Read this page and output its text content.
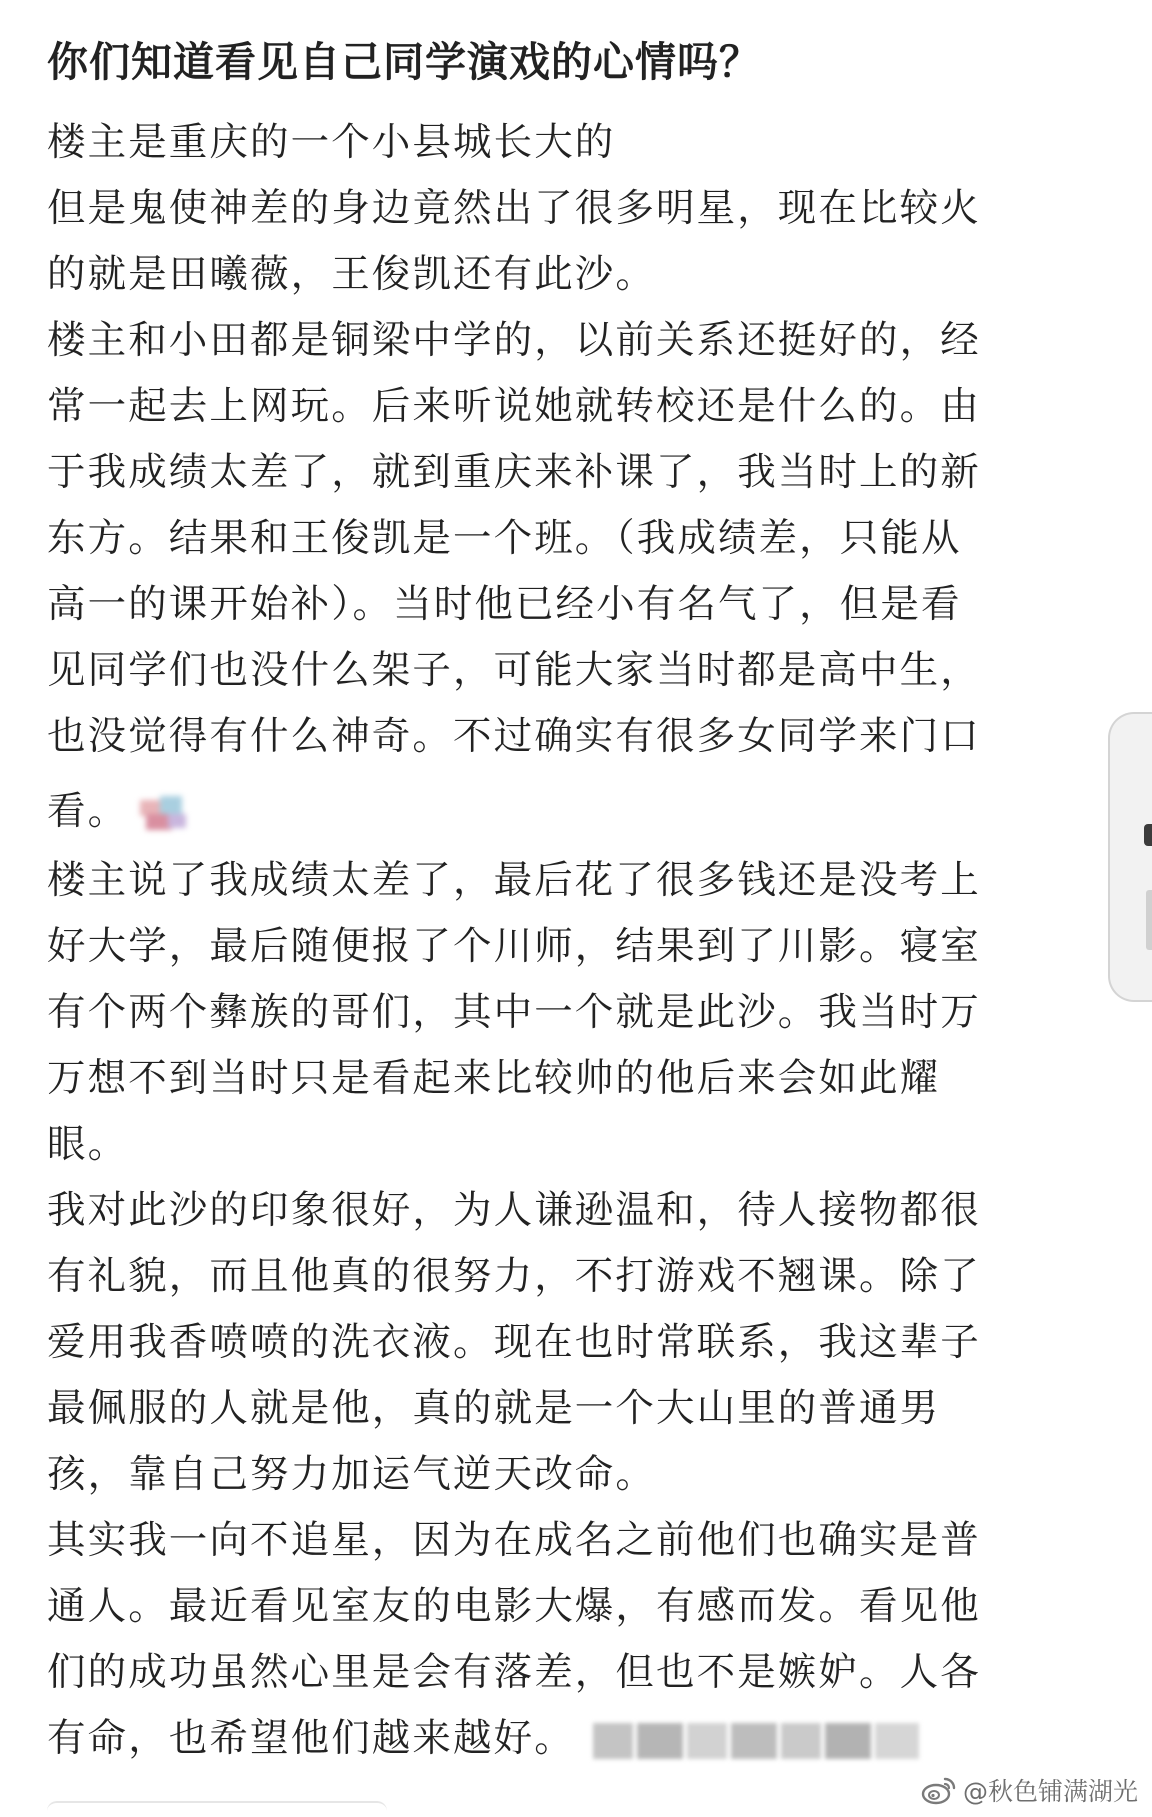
你们知道看见自己同学演戏的心情吗？
楼主是重庆的一个小县城长大的
但是鬼使神差的身边竟然出了很多明星，现在比较火
的就是田曦薇，王俊凯还有此沙。
楼主和小田都是铜梁中学的，以前关系还挺好的，经
常一起去上网玩。后来听说她就转校还是什么的。由
于我成绩太差了，就到重庆来补课了，我当时上的新
东方。结果和王俊凯是一个班。（我成绩差，只能从
高一的课开始补）。当时他已经小有名气了，但是看
见同学们也没什么架子，可能大家当时都是高中生，
也没觉得有什么神奇。不过确实有很多女同学来门口
看。
楼主说了我成绩太差了，最后花了很多钱还是没考上
好大学，最后随便报了个川师，结果到了川影。寝室
有个两个彝族的哥们，其中一个就是此沙。我当时万
万想不到当时只是看起来比较帅的他后来会如此耀
眼。
我对此沙的印象很好，为人谦逊温和，待人接物都很
有礼貌，而且他真的很努力，不打游戏不翘课。除了
爱用我香喷喷的洗衣液。现在也时常联系，我这辈子
最佩服的人就是他，真的就是一个大山里的普通男
孩，靠自己努力加运气逆天改命。
其实我一向不追星，因为在成名之前他们也确实是普
通人。最近看见室友的电影大爆，有感而发。看见他
们的成功虽然心里是会有落差，但也不是嫉妒。人各
有命，也希望他们越来越好。
@秋色铺满湖光
